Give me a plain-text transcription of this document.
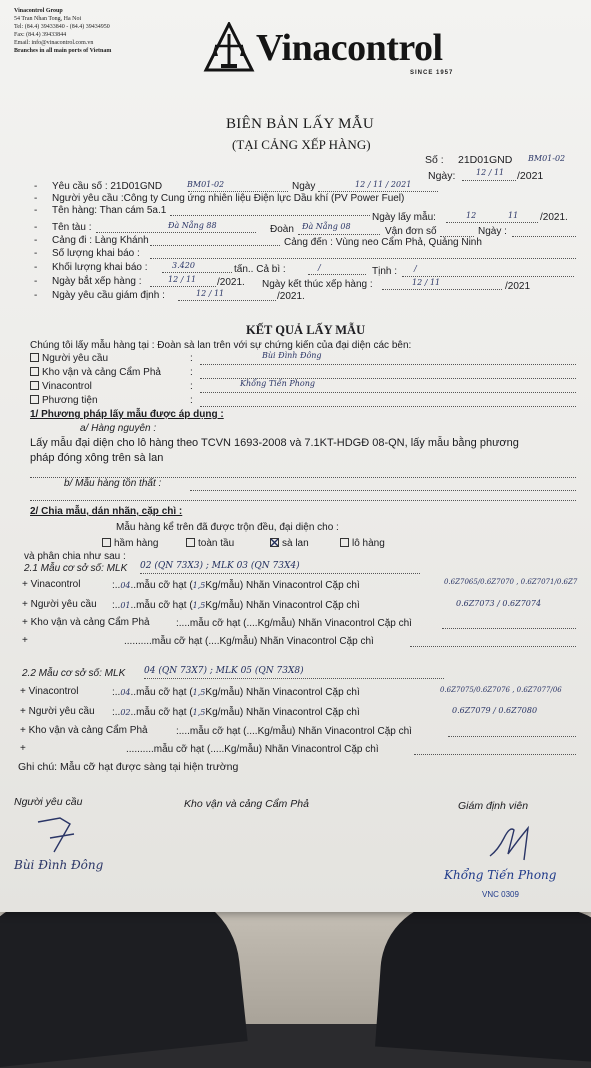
Vinacontrol Group
54 Tran Nhan Tong, Ha Noi
Tel: (84.4) 39433840 - (84.4) 39434950
Fax: (84.4) 39433844
Email: info@vinacontrol.com.vn
Branches in all main ports of Vietnam	Vinacontrol
SINCE 1957
BIÊN BẢN LẤY MẪU
(TẠI CẢNG XẾP HÀNG)
Số : 21D01GND BM01-02
Ngày:	12 / 11 /2021
- Yêu cầu số : 21D01GND	BM01-02	Ngày	12 / 11 / 2021
- Người yêu cầu :Công ty Cung ứng nhiên liệu Điện lực Dầu khí (PV Power Fuel)
- Tên hàng: Than cám 5a.1
Ngày lấy mẫu:	12	11 /2021.
- Tên tàu :	Đà Nẵng 88	Đoàn Đà Nẵng 08	Vận đơn số	Ngày :
- Cảng đi : Làng Khánh	Cảng đến : Vùng neo Cẩm Phả, Quảng Ninh
- Số lượng khai báo :
- Khối lượng khai báo :	3.420	tấn.. Cả bì :	/	Tịnh : /
- Ngày bắt xếp hàng :	12 / 11 /2021. Ngày kết thúc xếp hàng :	12 / 11	/2021
- Ngày yêu cầu giám định :	12 / 11	/2021.
KẾT QUẢ LẤY MẪU
Chúng tôi lấy mẫu hàng tại : Đoàn sà lan trên với sự chứng kiến của đại diện các bên:
Người yêu cầu	:	Bùi Đình Đông
Kho vận và cảng Cẩm Phả	:
Vinacontrol	:	Khổng Tiến Phong
Phương tiện	:
1/ Phương pháp lấy mẫu được áp dụng :
a/ Hàng nguyên :
Lấy mẫu đại diện cho lô hàng theo TCVN 1693-2008 và 7.1KT-HDGĐ 08-QN, lấy mẫu bằng phương
pháp đóng xông trên sà lan
b/ Mẫu hàng tồn thất :
2/ Chia mẫu, dán nhãn, cặp chì :
Mẫu hàng kể trên đã được trộn đều, đại diện cho :
hầm hàng	toàn tầu	sà lan	lô hàng
và phân chia như sau :
2.1 Mẫu cơ sở số: MLK 02 (QN 73X3) ; MLK 03 (QN 73X4)
+ Vinacontrol	:..04..mẫu cỡ hạt (1,5Kg/mẫu) Nhãn Vinacontrol Cặp chì	0.6Z7065/0.6Z7070 , 0.6Z7071/0.6Z7
+ Người yêu cầu :..01..mẫu cỡ hạt (1,5Kg/mẫu) Nhãn Vinacontrol Cặp chì	0.6Z7073 / 0.6Z7074
+ Kho vận và cảng Cẩm Phả	:....mẫu cỡ hạt (....Kg/mẫu) Nhãn Vinacontrol Cặp chì
+	..........mẫu cỡ hạt (....Kg/mẫu) Nhãn Vinacontrol Cặp chì
2.2 Mẫu cơ sở số: MLK 04 (QN 73X7) ; MLK 05 (QN 73X8)
+ Vinacontrol	:..04..mẫu cỡ hạt (1,5Kg/mẫu) Nhãn Vinacontrol Cặp chì	0.6Z7075/0.6Z7076 , 0.6Z7077/06
+ Người yêu cầu :..02..mẫu cỡ hạt (1,5Kg/mẫu) Nhãn Vinacontrol Cặp chì	0.6Z7079 / 0.6Z7080
+ Kho vận và cảng Cẩm Phả	:....mẫu cỡ hạt (....Kg/mẫu) Nhãn Vinacontrol Cặp chì
+	..........mẫu cỡ hạt (.....Kg/mẫu) Nhãn Vinacontrol Cặp chì
Ghi chú: Mẫu cỡ hạt được sàng tại hiện trường
Người yêu cầu	Kho vận và cảng Cẩm Phả	Giám định viên
Bùi Đình Đông
Khổng Tiến Phong
VNC 0309
